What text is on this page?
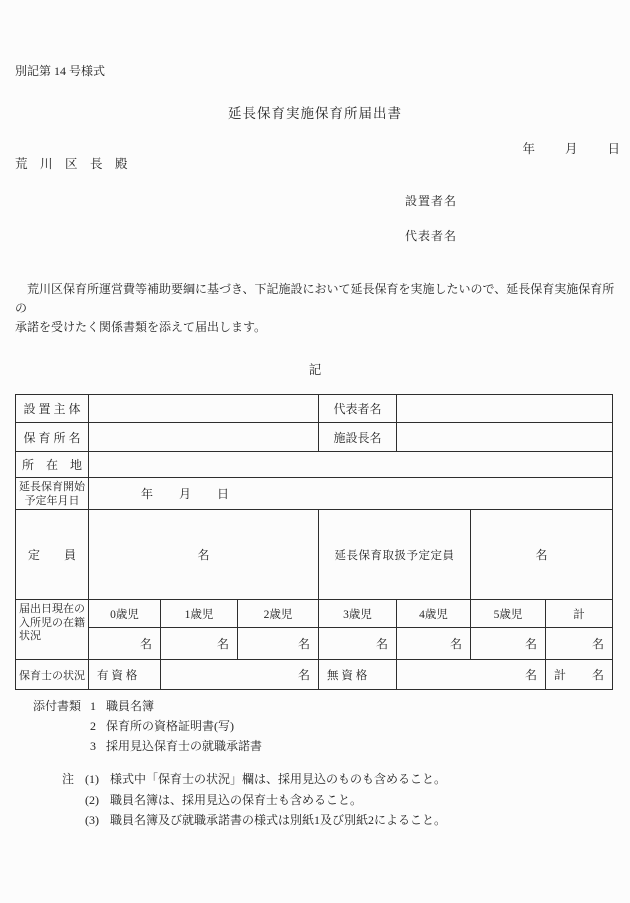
別記第 14 号様式
延長保育実施保育所届出書
年 月 日
荒　川　区　長　殿
設置者名
代表者名
　荒川区保育所運営費等補助要綱に基づき、下記施設において延長保育を実施したいので、延長保育実施保育所の
承諾を受けたく関係書類を添えて届出します。
記
設 置 主 体				代表者名			
保 育 所 名				施設長名			
所　在　地							

延長保育開始
予定年月日	年 月 日

定　　員	名			延長保育取扱予定定員		名	

届出日現在の
入所児の在籍
状況	0歳児	1歳児	2歳児	3歳児	4歳児	5歳児	計
	名	名	名	名	名	名	名
保育士の状況	有 資 格	名		無 資 格	名		計 名
添付書類 1 職員名簿
2 保育所の資格証明書(写)
3 採用見込保育士の就職承諾書
注 (1) 様式中「保育士の状況」欄は、採用見込のものも含めること。
(2) 職員名簿は、採用見込の保育士も含めること。
(3) 職員名簿及び就職承諾書の様式は別紙1及び別紙2によること。
